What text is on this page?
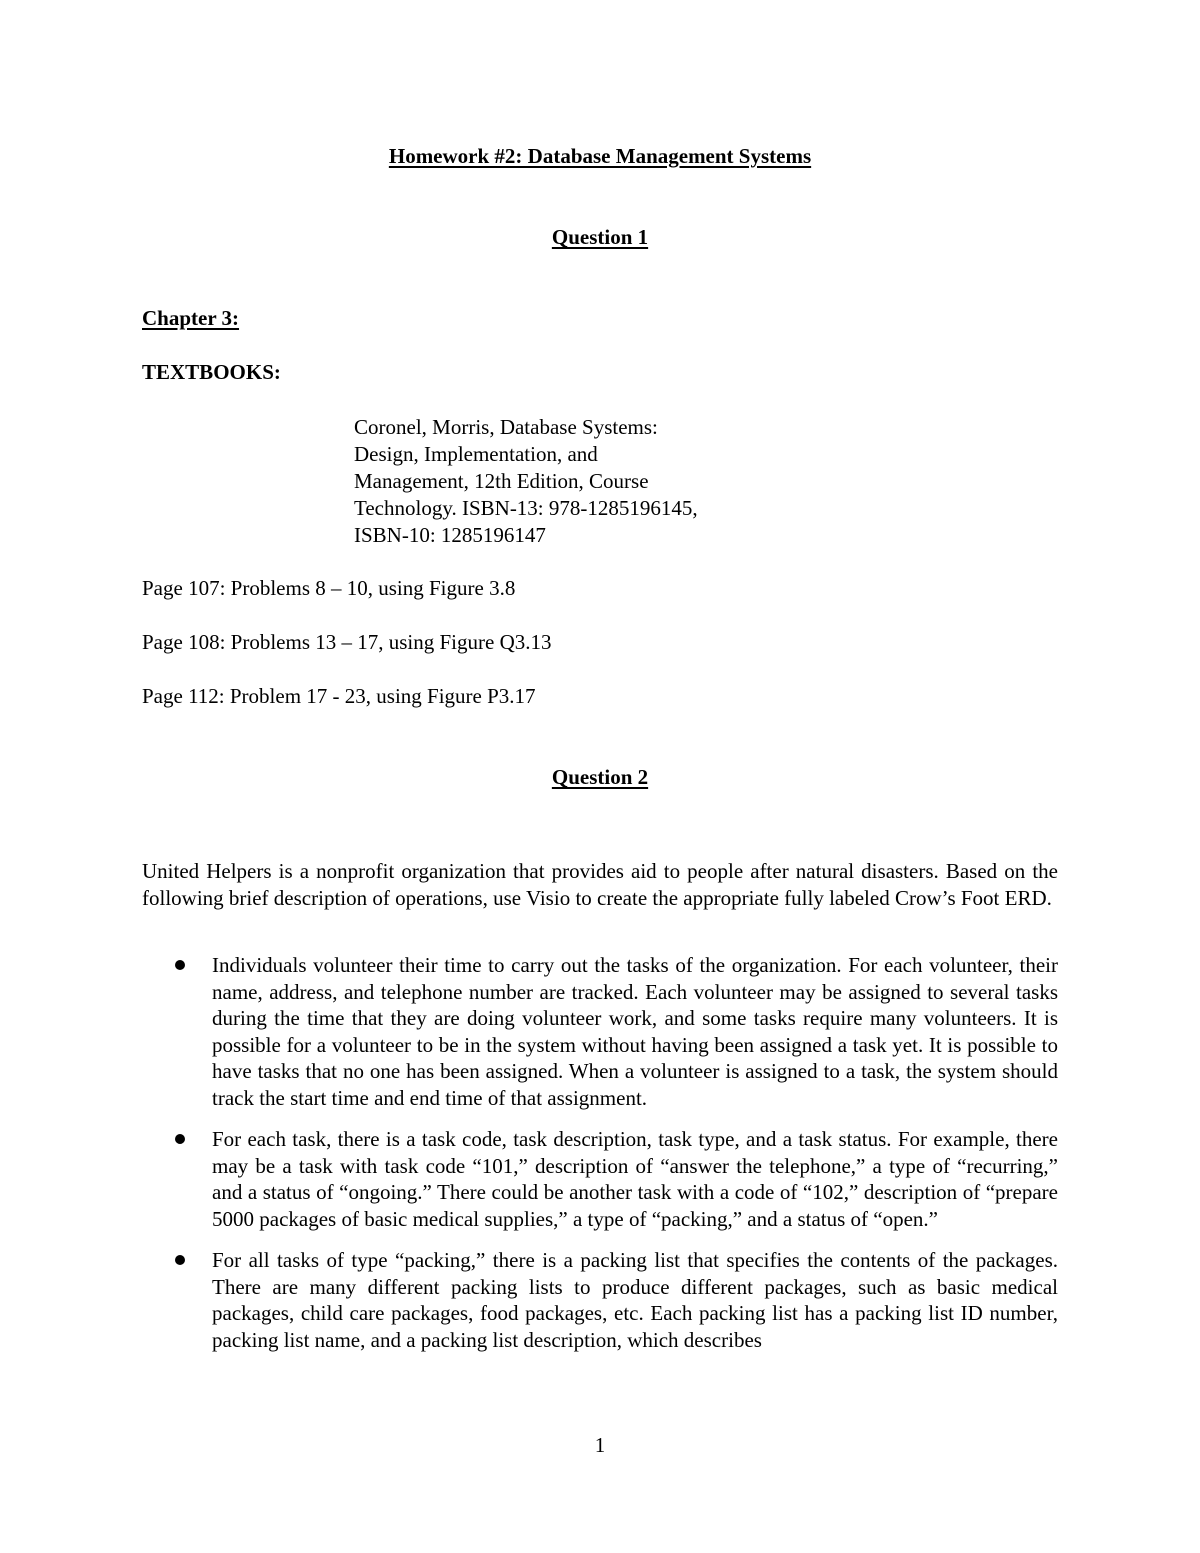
Homework #2: Database Management Systems
Question 1
Chapter 3:
TEXTBOOKS:
Coronel, Morris, Database Systems:
Design, Implementation, and
Management, 12th Edition, Course
Technology. ISBN-13: 978-1285196145,
ISBN-10: 1285196147
Page 107: Problems 8 – 10, using Figure 3.8
Page 108: Problems 13 – 17, using Figure Q3.13
Page 112: Problem 17 - 23, using Figure P3.17
Question 2

United Helpers is a nonprofit organization that provides aid to people after natural disasters. Based on the following brief description of operations, use Visio to create the appropriate fully labeled Crow’s Foot ERD.

Individuals volunteer their time to carry out the tasks of the organization. For each volunteer, their name, address, and telephone number are tracked. Each volunteer may be assigned to several tasks during the time that they are doing volunteer work, and some tasks require many volunteers. It is possible for a volunteer to be in the system without having been assigned a task yet. It is possible to have tasks that no one has been assigned. When a volunteer is assigned to a task, the system should track the start time and end time of that assignment.
For each task, there is a task code, task description, task type, and a task status. For example, there may be a task with task code “101,” description of “answer the telephone,” a type of “recurring,” and a status of “ongoing.” There could be another task with a code of “102,” description of “prepare 5000 packages of basic medical supplies,” a type of “packing,” and a status of “open.”
For all tasks of type “packing,” there is a packing list that specifies the contents of the packages. There are many different packing lists to produce different packages, such as basic medical packages, child care packages, food packages, etc. Each packing list has a packing list ID number, packing list name, and a packing list description, which describes
1
